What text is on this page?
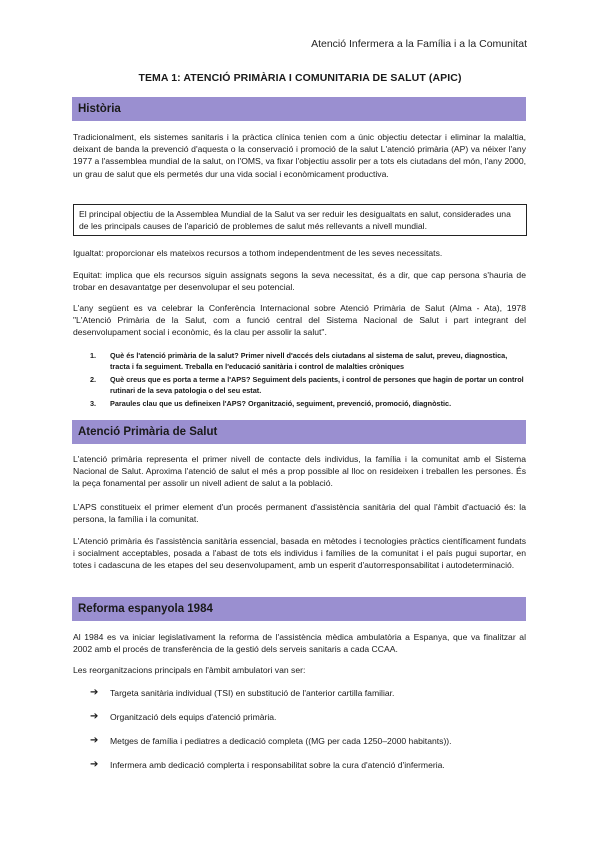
Atenció Infermera a la Família i a la Comunitat
TEMA 1: ATENCIÓ PRIMÀRIA I COMUNITARIA DE SALUT (APIC)
Història

Tradicionalment, els sistemes sanitaris i la pràctica clínica tenien com a únic objectiu detectar i eliminar la malaltia, deixant de banda la prevenció d'aquesta o la conservació i promoció de la salut L'atenció primària (AP) va néixer l'any 1977 a l'assemblea mundial de la salut, on l'OMS, va fixar l'objectiu assolir per a tots els ciutadans del món, l'any 2000, un grau de salut que els permetés dur una vida social i econòmicament productiva.

El principal objectiu de la Assemblea Mundial de la Salut va ser reduir les desigualtats en salut, considerades una de les principals causes de l'aparició de problemes de salut més rellevants a nivell mundial.

Igualtat: proporcionar els mateixos recursos a tothom independentment de les seves necessitats.

Equitat: implica que els recursos siguin assignats segons la seva necessitat, és a dir, que cap persona s'hauria de trobar en desavantatge per desenvolupar el seu potencial.

L'any següent es va celebrar la Conferència Internacional sobre Atenció Primària de Salut (Alma - Ata), 1978 "L'Atenció Primària de la Salut, com a funció central del Sistema Nacional de Salut i part integrant del desenvolupament social i econòmic, és la clau per assolir la salut".

1. Què és l'atenció primària de la salut? Primer nivell d'accés dels ciutadans al sistema de salut, preveu, diagnostica, tracta i fa seguiment. Treballa en l'educació sanitària i control de malalties cròniques
2. Què creus que es porta a terme a l'APS? Seguiment dels pacients, i control de persones que hagin de portar un control rutinari de la seva patologia o del seu estat.
3. Paraules clau que us defineixen l'APS? Organització, seguiment, prevenció, promoció, diagnòstic.
Atenció Primària de Salut

L'atenció primària representa el primer nivell de contacte dels individus, la família i la comunitat amb el Sistema Nacional de Salut. Aproxima l'atenció de salut el més a prop possible al lloc on resideixen i treballen les persones. És la peça fonamental per assolir un nivell adient de salut a la població.

L'APS constitueix el primer element d'un procés permanent d'assistència sanitària del qual l'àmbit d'actuació és: la persona, la família i la comunitat.

L'Atenció primària és l'assistència sanitària essencial, basada en mètodes i tecnologies pràctics científicament fundats i socialment acceptables, posada a l'abast de tots els individus i famílies de la comunitat i el país pugui suportar, en totes i cadascuna de les etapes del seu desenvolupament, amb un esperit d'autorresponsabilitat i autodeterminació.

Reforma espanyola 1984

Al 1984 es va iniciar legislativament la reforma de l'assistència mèdica ambulatòria a Espanya, que va finalitzar al 2002 amb el procés de transferència de la gestió dels serveis sanitaris a cada CCAA.

Les reorganitzacions principals en l'àmbit ambulatori van ser:

➔ Targeta sanitària individual (TSI) en substitució de l'anterior cartilla familiar.
➔ Organització dels equips d'atenció primària.
➔ Metges de família i pediatres a dedicació completa ((MG per cada 1250–2000 habitants)).
➔ Infermera amb dedicació complerta i responsabilitat sobre la cura d'atenció d'infermeria.
